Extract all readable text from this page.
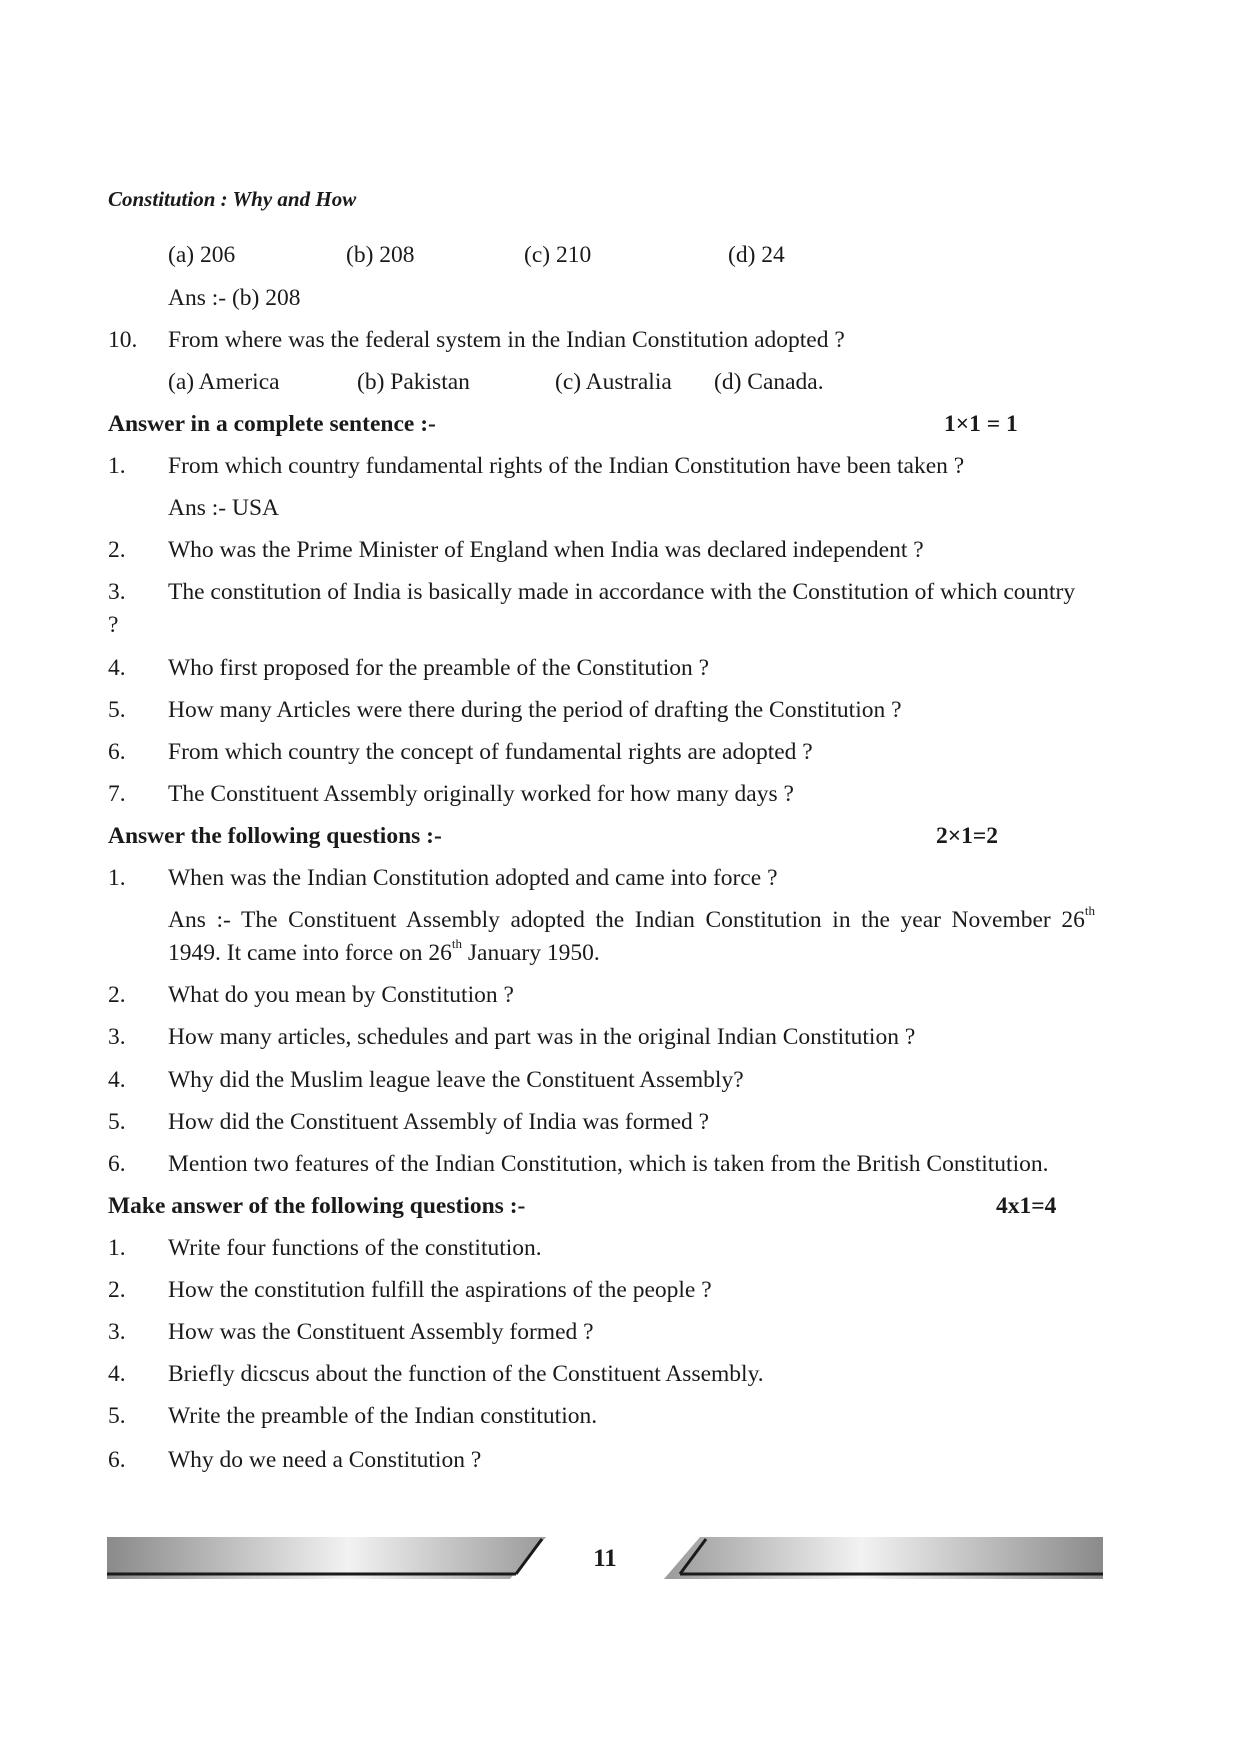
Constitution : Why and How
(a) 206	(b) 208	(c) 210	(d) 24
Ans :- (b) 208
10. From where was the federal system in the Indian Constitution adopted ?
(a) America	(b) Pakistan	(c) Australia (d) Canada.
Answer in a complete sentence :-	1×1 = 1
1. From which country fundamental rights of the Indian Constitution have been taken ?
Ans :- USA
2. Who was the Prime Minister of England when India was declared independent ?
3. The constitution of India is basically made in accordance with the Constitution of which country
?
4. Who first proposed for the preamble of the Constitution ?
5. How many Articles were there during the period of drafting the Constitution ?
6. From which country the concept of fundamental rights are adopted ?
7. The Constituent Assembly originally worked for how many days ?
Answer the following questions :-	2×1=2
1. When was the Indian Constitution adopted and came into force ?
Ans :- The Constituent Assembly adopted the Indian Constitution in the year November 26th
1949. It came into force on 26th January 1950.
2. What do you mean by Constitution ?
3. How many articles, schedules and part was in the original Indian Constitution ?
4. Why did the Muslim league leave the Constituent Assembly?
5. How did the Constituent Assembly of India was formed ?
6. Mention two features of the Indian Constitution, which is taken from the British Constitution.
Make answer of the following questions :-	4x1=4
1. Write four functions of the constitution.
2. How the constitution fulfill the aspirations of the people ?
3. How was the Constituent Assembly formed ?
4. Briefly dicscus about the function of the Constituent Assembly.
5. Write the preamble of the Indian constitution.
6. Why do we need a Constitution ?
11
